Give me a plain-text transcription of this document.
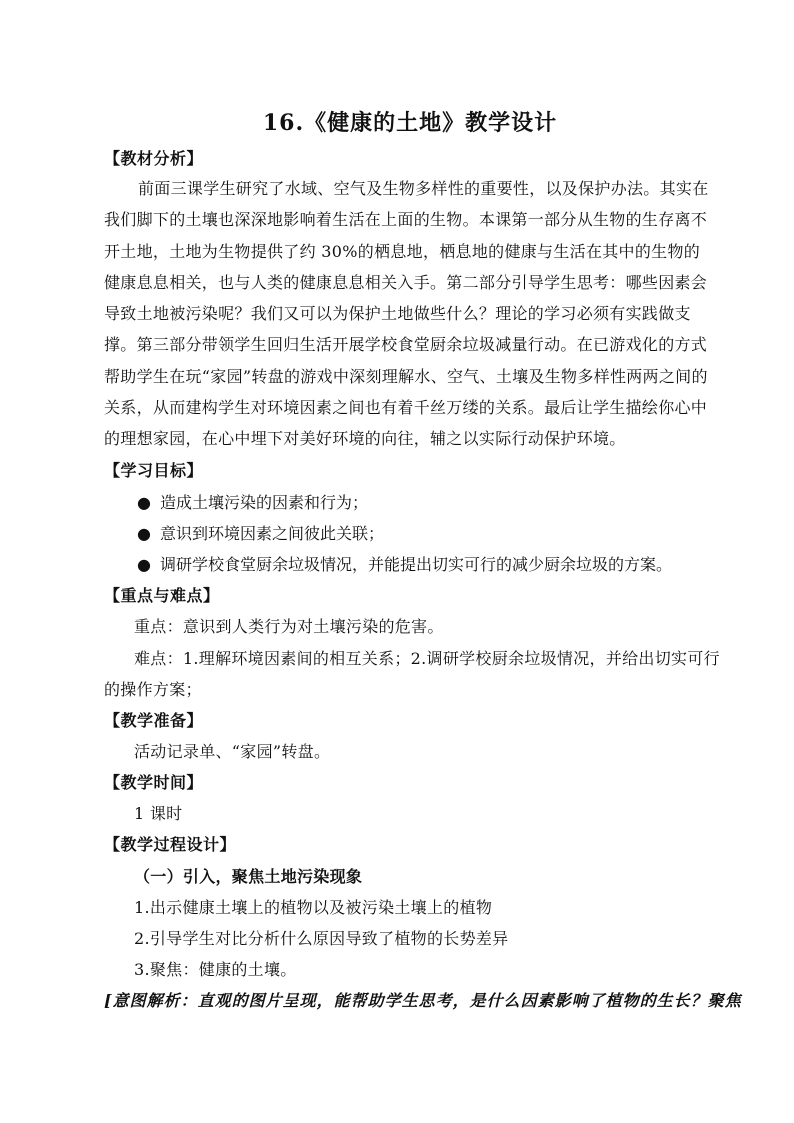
16.《健康的土地》教学设计
【教材分析】
前面三课学生研究了水域、空气及生物多样性的重要性，以及保护办法。其实在我们脚下的土壤也深深地影响着生活在上面的生物。本课第一部分从生物的生存离不开土地，土地为生物提供了约 30%的栖息地，栖息地的健康与生活在其中的生物的健康息息相关，也与人类的健康息息相关入手。第二部分引导学生思考：哪些因素会导致土地被污染呢？我们又可以为保护土地做些什么？理论的学习必须有实践做支撑。第三部分带领学生回归生活开展学校食堂厨余垃圾减量行动。在已游戏化的方式帮助学生在玩“家园”转盘的游戏中深刻理解水、空气、土壤及生物多样性两两之间的关系，从而建构学生对环境因素之间也有着千丝万缕的关系。最后让学生描绘你心中的理想家园，在心中埋下对美好环境的向往，辅之以实际行动保护环境。
【学习目标】
● 造成土壤污染的因素和行为；
● 意识到环境因素之间彼此关联；
● 调研学校食堂厨余垃圾情况，并能提出切实可行的减少厨余垃圾的方案。
【重点与难点】
重点：意识到人类行为对土壤污染的危害。
难点：1.理解环境因素间的相互关系；2.调研学校厨余垃圾情况，并给出切实可行
的操作方案；
【教学准备】
活动记录单、“家园”转盘。
【教学时间】
1 课时
【教学过程设计】
（一）引入，聚焦土地污染现象
1.出示健康土壤上的植物以及被污染土壤上的植物
2.引导学生对比分析什么原因导致了植物的长势差异
3.聚焦：健康的土壤。
[意图解析：直观的图片呈现，能帮助学生思考，是什么因素影响了植物的生长？聚焦
